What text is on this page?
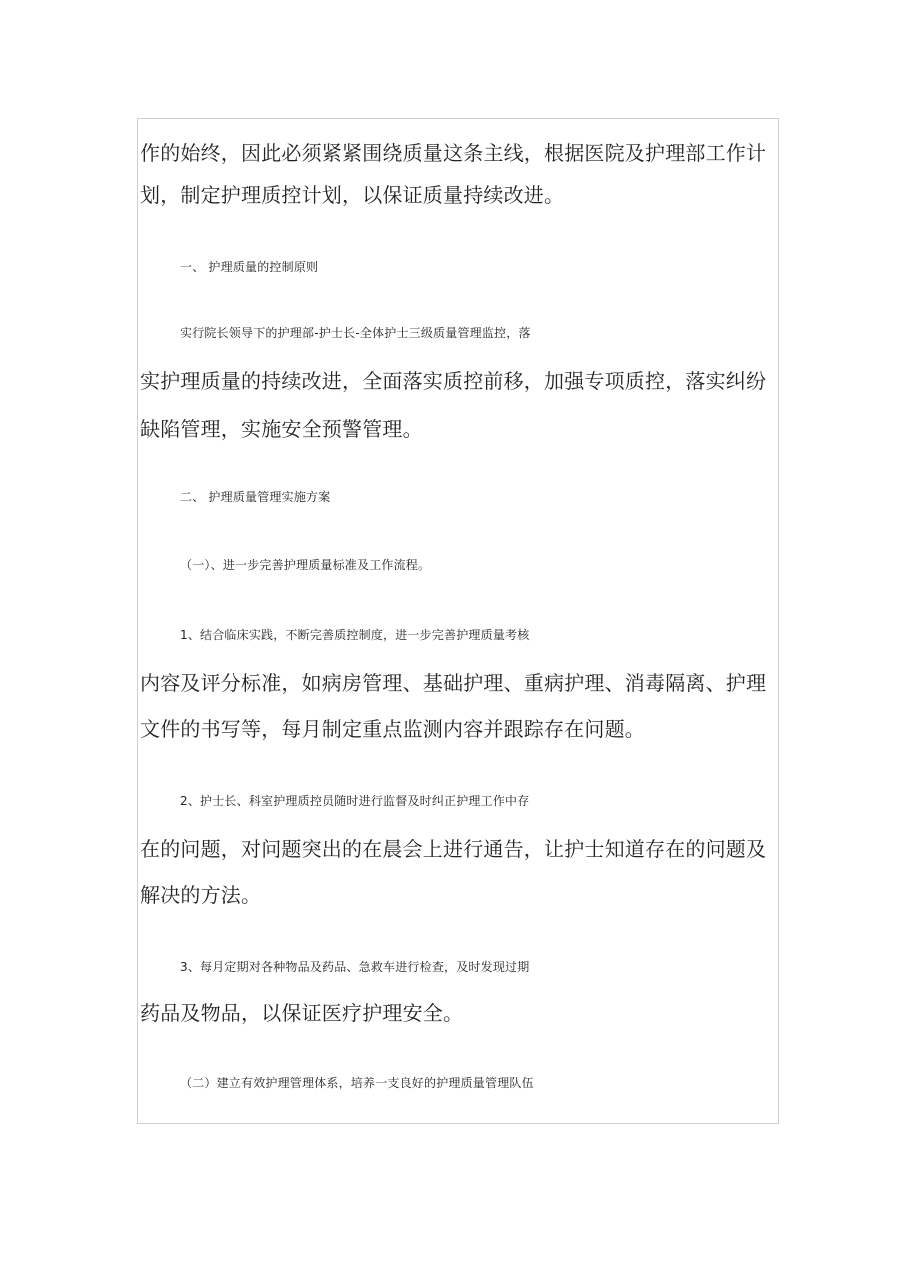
作的始终，因此必须紧紧围绕质量这条主线，根据医院及护理部工作计
划，制定护理质控计划，以保证质量持续改进。
一、 护理质量的控制原则
实行院长领导下的护理部-护士长-全体护士三级质量管理监控，落
实护理质量的持续改进，全面落实质控前移，加强专项质控，落实纠纷
缺陷管理，实施安全预警管理。
二、 护理质量管理实施方案
（一）、进一步完善护理质量标准及工作流程。
1、结合临床实践，不断完善质控制度，进一步完善护理质量考核
内容及评分标准，如病房管理、基础护理、重病护理、消毒隔离、护理
文件的书写等，每月制定重点监测内容并跟踪存在问题。
2、护士长、科室护理质控员随时进行监督及时纠正护理工作中存
在的问题，对问题突出的在晨会上进行通告，让护士知道存在的问题及
解决的方法。
3、每月定期对各种物品及药品、急救车进行检查，及时发现过期
药品及物品，以保证医疗护理安全。
（二）建立有效护理管理体系，培养一支良好的护理质量管理队伍
